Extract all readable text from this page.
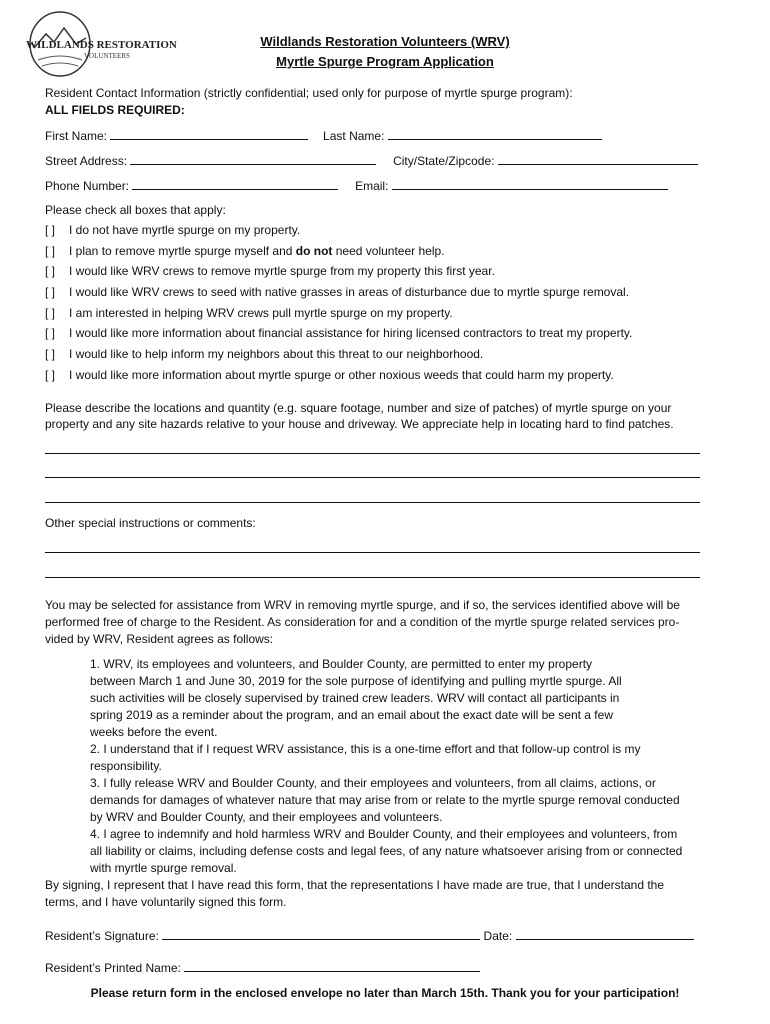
WILDLANDS RESTORATION
VOLUNTEERS
Wildlands Restoration Volunteers (WRV)
Myrtle Spurge Program Application
Resident Contact Information (strictly confidential; used only for purpose of myrtle spurge program):
ALL FIELDS REQUIRED:
First Name:	Last Name:
Street Address:	City/State/Zipcode:
Phone Number:	Email:
Please check all boxes that apply:
[ ] I do not have myrtle spurge on my property.
[ ] I plan to remove myrtle spurge myself and do not need volunteer help.
[ ] I would like WRV crews to remove myrtle spurge from my property this first year.
[ ] I would like WRV crews to seed with native grasses in areas of disturbance due to myrtle spurge removal.
[ ] I am interested in helping WRV crews pull myrtle spurge on my property.
[ ] I would like more information about financial assistance for hiring licensed contractors to treat my property.
[ ] I would like to help inform my neighbors about this threat to our neighborhood.
[ ] I would like more information about myrtle spurge or other noxious weeds that could harm my property.
Please describe the locations and quantity (e.g. square footage, number and size of patches) of myrtle spurge on your
property and any site hazards relative to your house and driveway. We appreciate help in locating hard to find patches.
Other special instructions or comments:
You may be selected for assistance from WRV in removing myrtle spurge, and if so, the services identified above will be
performed free of charge to the Resident. As consideration for and a condition of the myrtle spurge related services pro-
vided by WRV, Resident agrees as follows:
1. WRV, its employees and volunteers, and Boulder County, are permitted to enter my property
between March 1 and June 30, 2019 for the sole purpose of identifying and pulling myrtle spurge. All
such activities will be closely supervised by trained crew leaders. WRV will contact all participants in
spring 2019 as a reminder about the program, and an email about the exact date will be sent a few
weeks before the event.
2. I understand that if I request WRV assistance, this is a one-time effort and that follow-up control is my
responsibility.
3. I fully release WRV and Boulder County, and their employees and volunteers, from all claims, actions, or
demands for damages of whatever nature that may arise from or relate to the myrtle spurge removal conducted
by WRV and Boulder County, and their employees and volunteers.
4. I agree to indemnify and hold harmless WRV and Boulder County, and their employees and volunteers, from
all liability or claims, including defense costs and legal fees, of any nature whatsoever arising from or connected
with myrtle spurge removal.
By signing, I represent that I have read this form, that the representations I have made are true, that I understand the
terms, and I have voluntarily signed this form.
Resident’s Signature:	Date:
Resident’s Printed Name:
Please return form in the enclosed envelope no later than March 15th. Thank you for your participation!
